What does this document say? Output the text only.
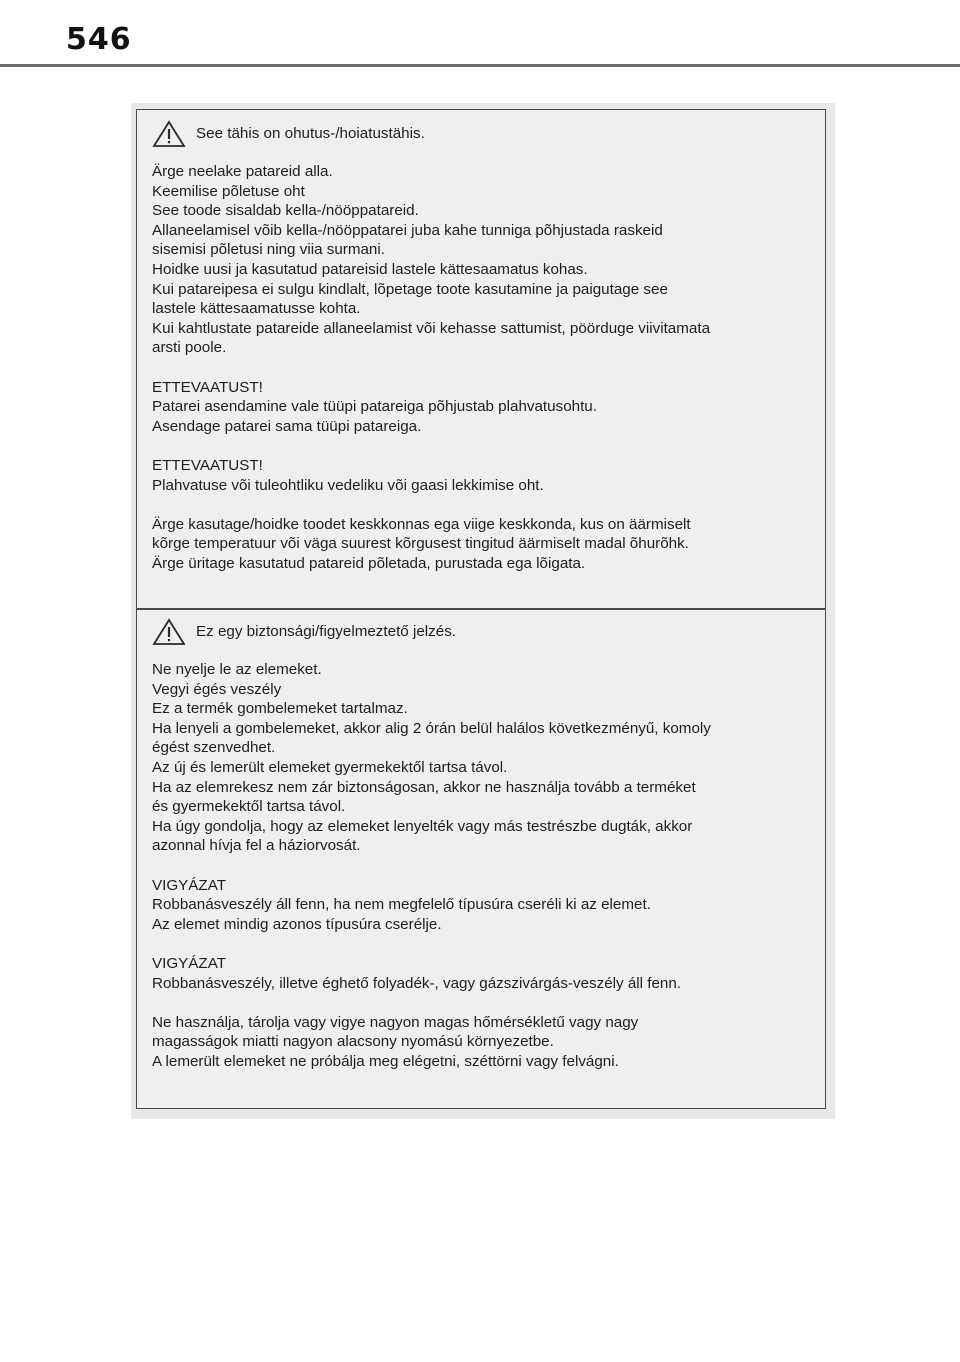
546
See tähis on ohutus-/hoiatustähis.
Ärge neelake patareid alla.
Keemilise põletuse oht
See toode sisaldab kella-/nööppatareid.
Allaneelamisel võib kella-/nööppatarei juba kahe tunniga põhjustada raskeid
sisemisi põletusi ning viia surmani.
Hoidke uusi ja kasutatud patareisid lastele kättesaamatus kohas.
Kui patareipesa ei sulgu kindlalt, lõpetage toote kasutamine ja paigutage see
lastele kättesaamatusse kohta.
Kui kahtlustate patareide allaneelamist või kehasse sattumist, pöörduge viivitamata
arsti poole.
ETTEVAATUST!
Patarei asendamine vale tüüpi patareiga põhjustab plahvatusohtu.
Asendage patarei sama tüüpi patareiga.
ETTEVAATUST!
Plahvatuse või tuleohtliku vedeliku või gaasi lekkimise oht.
Ärge kasutage/hoidke toodet keskkonnas ega viige keskkonda, kus on äärmiselt
kõrge temperatuur või väga suurest kõrgusest tingitud äärmiselt madal õhurõhk.
Ärge üritage kasutatud patareid põletada, purustada ega lõigata.
Ez egy biztonsági/figyelmeztető jelzés.
Ne nyelje le az elemeket.
Vegyi égés veszély
Ez a termék gombelemeket tartalmaz.
Ha lenyeli a gombelemeket, akkor alig 2 órán belül halálos következményű, komoly
égést szenvedhet.
Az új és lemerült elemeket gyermekektől tartsa távol.
Ha az elemrekesz nem zár biztonságosan, akkor ne használja tovább a terméket
és gyermekektől tartsa távol.
Ha úgy gondolja, hogy az elemeket lenyelték vagy más testrészbe dugták, akkor
azonnal hívja fel a háziorvosát.
VIGYÁZAT
Robbanásveszély áll fenn, ha nem megfelelő típusúra cseréli ki az elemet.
Az elemet mindig azonos típusúra cserélje.
VIGYÁZAT
Robbanásveszély, illetve éghető folyadék-, vagy gázszivárgás-veszély áll fenn.
Ne használja, tárolja vagy vigye nagyon magas hőmérsékletű vagy nagy
magasságok miatti nagyon alacsony nyomású környezetbe.
A lemerült elemeket ne próbálja meg elégetni, széttörni vagy felvágni.
